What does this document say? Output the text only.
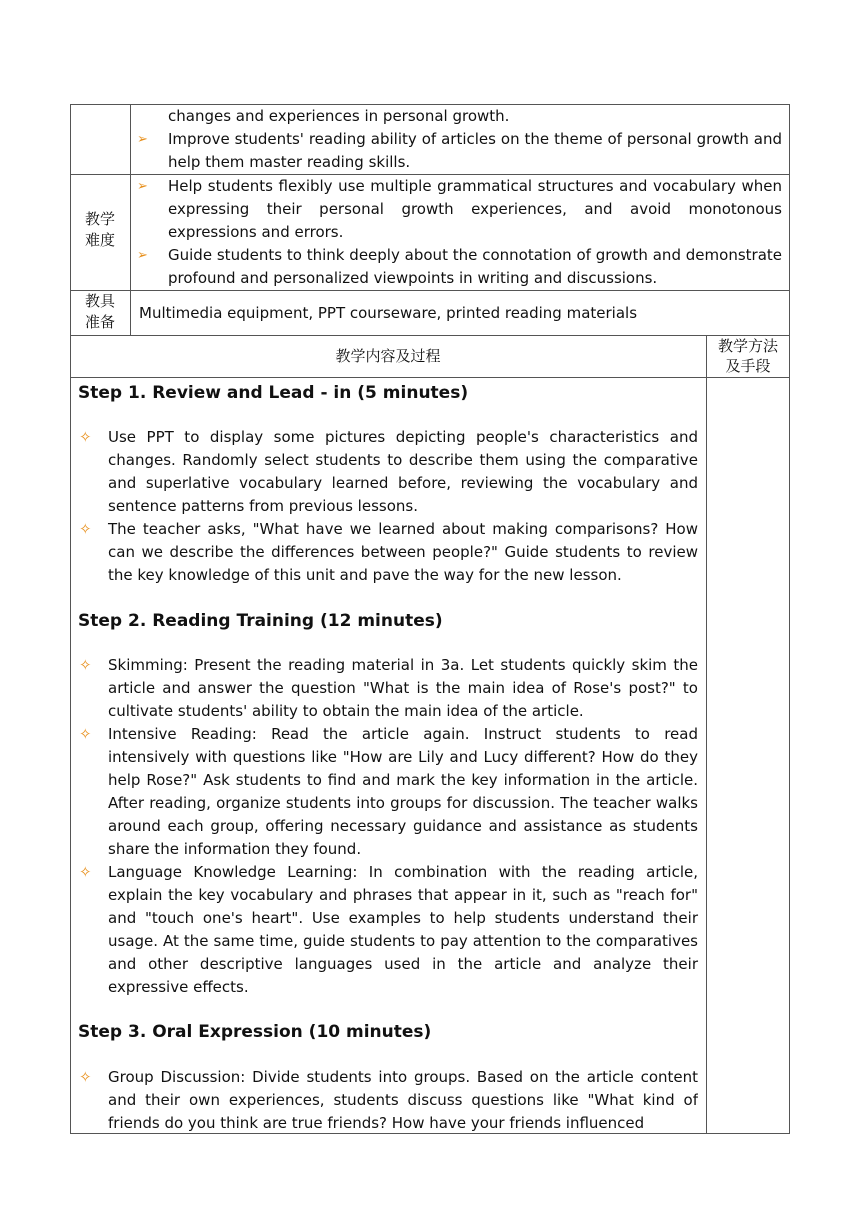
changes and experiences in personal growth.
➢ Improve students' reading ability of articles on the theme of personal growth and help them master reading skills.
教学
难度
➢ Help students flexibly use multiple grammatical structures and vocabulary when expressing their personal growth experiences, and avoid monotonous expressions and errors.
➢ Guide students to think deeply about the connotation of growth and demonstrate profound and personalized viewpoints in writing and discussions.
教具
准备	Multimedia equipment, PPT courseware, printed reading materials
教学内容及过程
教学方法
及手段
Step 1. Review and Lead - in (5 minutes)
✧ Use PPT to display some pictures depicting people's characteristics and changes. Randomly select students to describe them using the comparative and superlative vocabulary learned before, reviewing the vocabulary and sentence patterns from previous lessons.
✧ The teacher asks, "What have we learned about making comparisons? How can we describe the differences between people?" Guide students to review the key knowledge of this unit and pave the way for the new lesson.
Step 2. Reading Training (12 minutes)
✧ Skimming: Present the reading material in 3a. Let students quickly skim the article and answer the question "What is the main idea of Rose's post?" to cultivate students' ability to obtain the main idea of the article.
✧ Intensive Reading: Read the article again. Instruct students to read intensively with questions like "How are Lily and Lucy different? How do they help Rose?" Ask students to find and mark the key information in the article. After reading, organize students into groups for discussion. The teacher walks around each group, offering necessary guidance and assistance as students share the information they found.
✧ Language Knowledge Learning: In combination with the reading article, explain the key vocabulary and phrases that appear in it, such as "reach for" and "touch one's heart". Use examples to help students understand their usage. At the same time, guide students to pay attention to the comparatives and other descriptive languages used in the article and analyze their expressive effects.
Step 3. Oral Expression (10 minutes)
✧ Group Discussion: Divide students into groups. Based on the article content and their own experiences, students discuss questions like "What kind of friends do you think are true friends? How have your friends influenced
